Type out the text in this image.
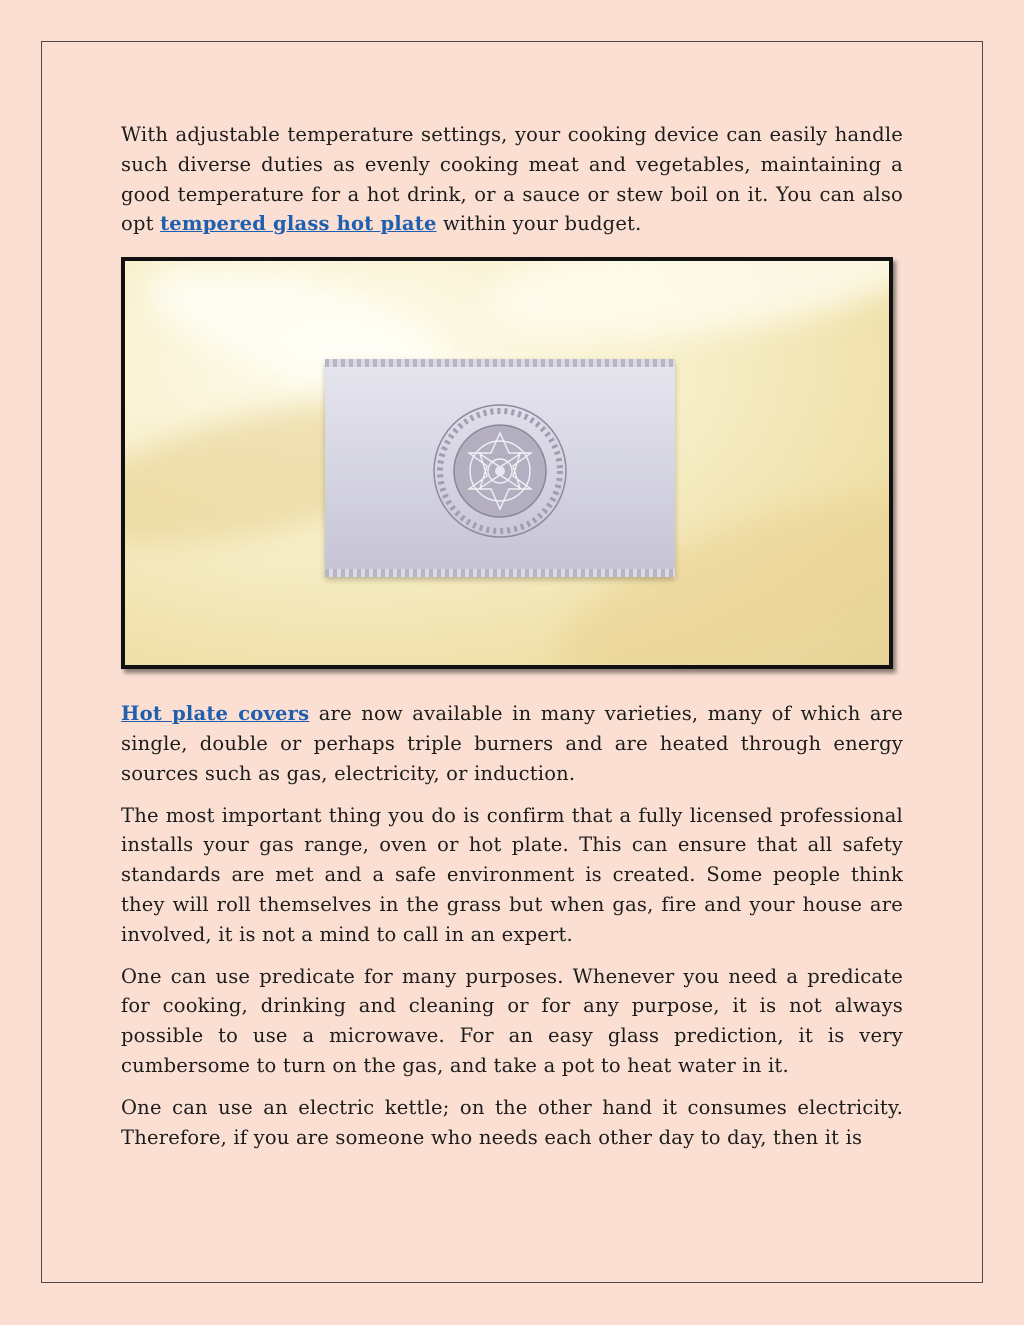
With adjustable temperature settings, your cooking device can easily handle such diverse duties as evenly cooking meat and vegetables, maintaining a good temperature for a hot drink, or a sauce or stew boil on it. You can also opt tempered glass hot plate within your budget.

Hot plate covers are now available in many varieties, many of which are single, double or perhaps triple burners and are heated through energy sources such as gas, electricity, or induction.

The most important thing you do is confirm that a fully licensed professional installs your gas range, oven or hot plate. This can ensure that all safety standards are met and a safe environment is created. Some people think they will roll themselves in the grass but when gas, fire and your house are involved, it is not a mind to call in an expert.

One can use predicate for many purposes. Whenever you need a predicate for cooking, drinking and cleaning or for any purpose, it is not always possible to use a microwave. For an easy glass prediction, it is very cumbersome to turn on the gas, and take a pot to heat water in it.

One can use an electric kettle; on the other hand it consumes electricity. Therefore, if you are someone who needs each other day to day, then it is
